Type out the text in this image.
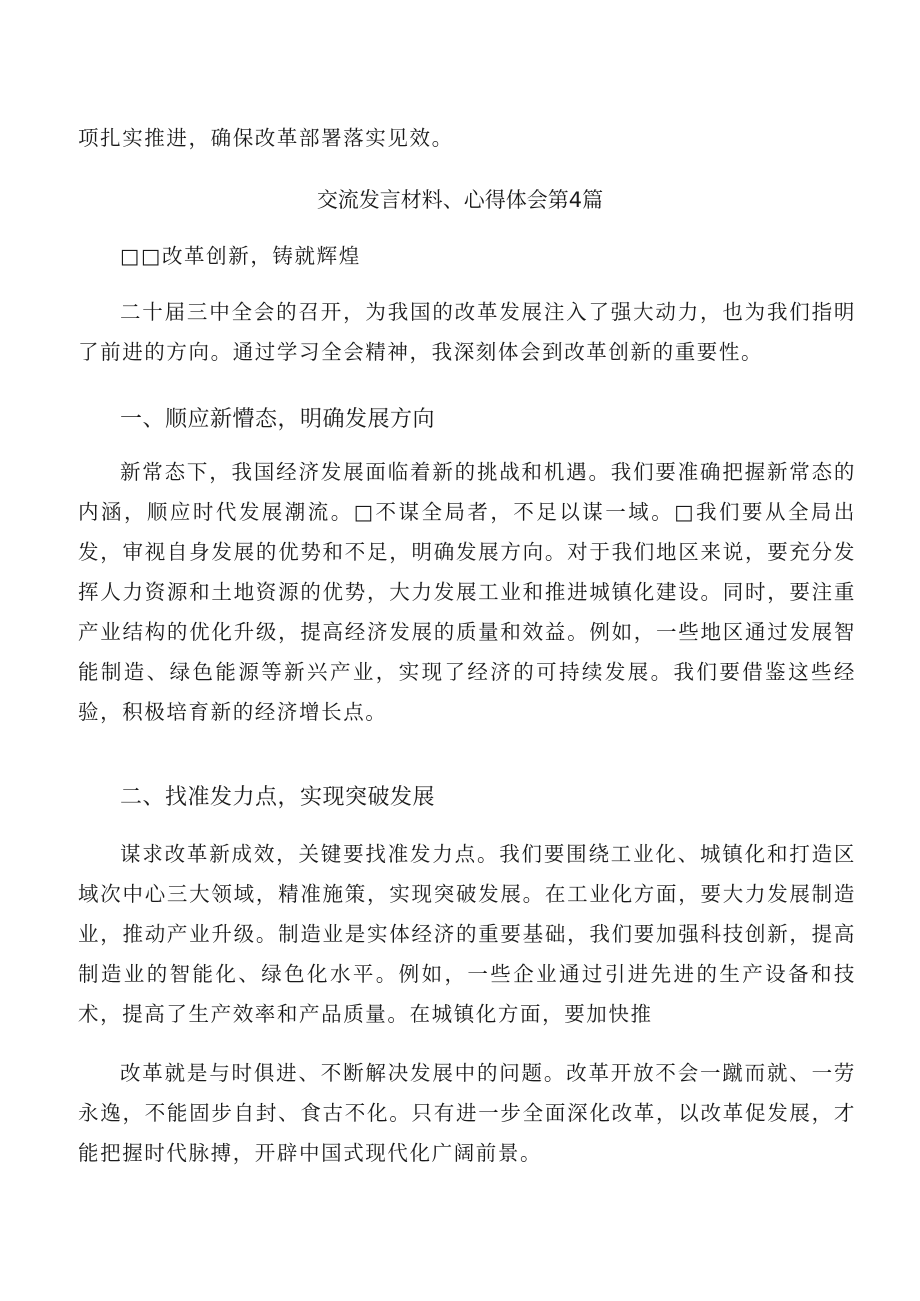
项扎实推进，确保改革部署落实见效。

交流发言材料、心得体会第4篇

□□改革创新，铸就辉煌

二十届三中全会的召开，为我国的改革发展注入了强大动力，也为我们指明了前进的方向。通过学习全会精神，我深刻体会到改革创新的重要性。

一、顺应新懵态，明确发展方向

新常态下，我国经济发展面临着新的挑战和机遇。我们要准确把握新常态的内涵，顺应时代发展潮流。□不谋全局者，不足以谋一域。□我们要从全局出发，审视自身发展的优势和不足，明确发展方向。对于我们地区来说，要充分发挥人力资源和土地资源的优势，大力发展工业和推进城镇化建设。同时，要注重产业结构的优化升级，提高经济发展的质量和效益。例如，一些地区通过发展智能制造、绿色能源等新兴产业，实现了经济的可持续发展。我们要借鉴这些经验，积极培育新的经济增长点。

二、找准发力点，实现突破发展

谋求改革新成效，关键要找准发力点。我们要围绕工业化、城镇化和打造区域次中心三大领域，精准施策，实现突破发展。在工业化方面，要大力发展制造业，推动产业升级。制造业是实体经济的重要基础，我们要加强科技创新，提高制造业的智能化、绿色化水平。例如，一些企业通过引进先进的生产设备和技术，提高了生产效率和产品质量。在城镇化方面，要加快推

改革就是与时俱进、不断解决发展中的问题。改革开放不会一蹴而就、一劳永逸，不能固步自封、食古不化。只有进一步全面深化改革，以改革促发展，才能把握时代脉搏，开辟中国式现代化广阔前景。
